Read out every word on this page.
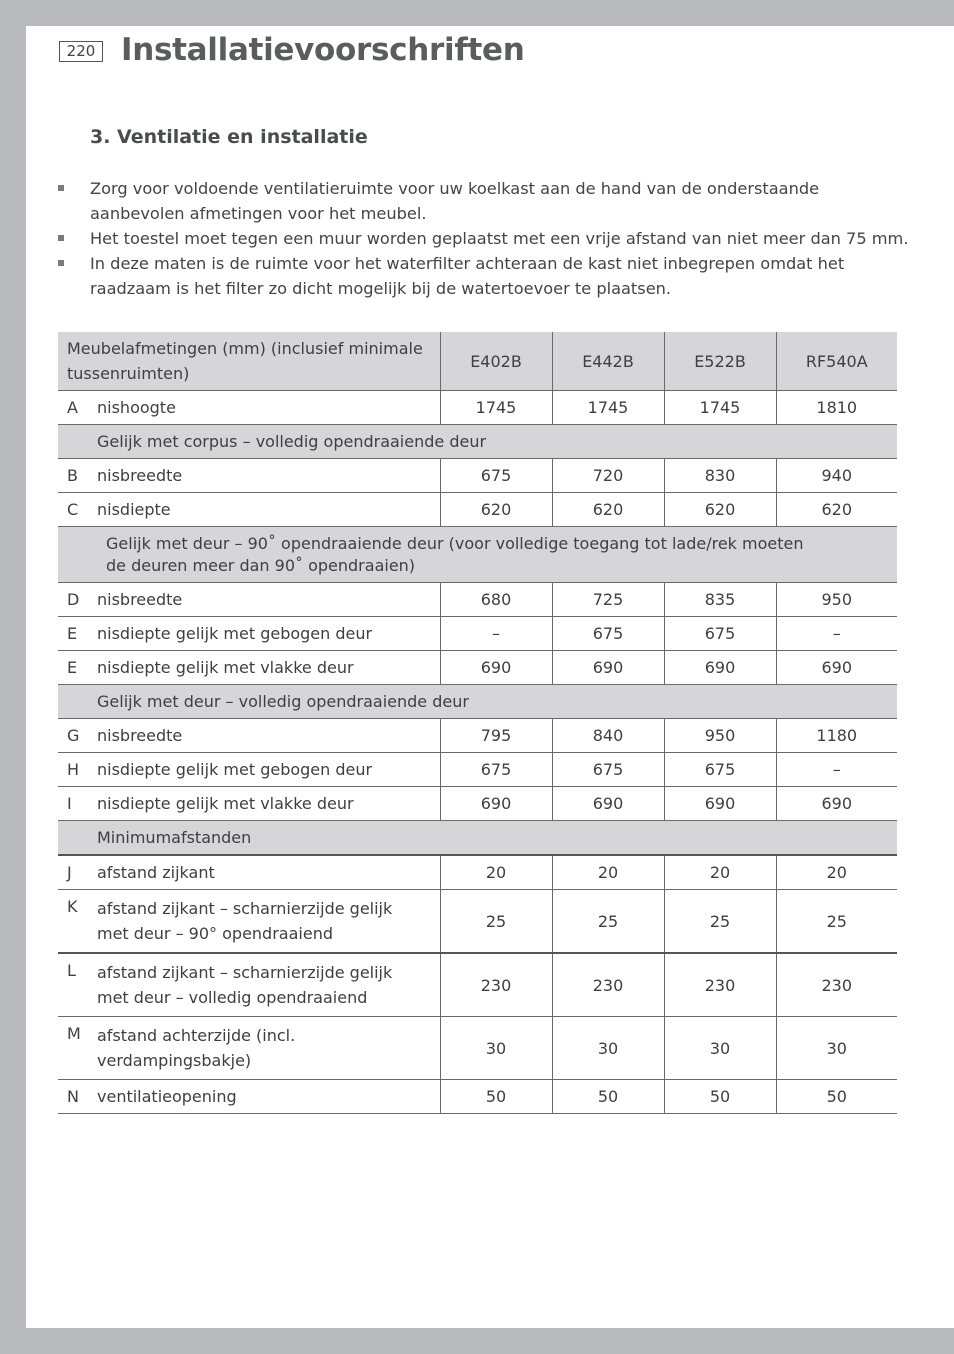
220 Installatievoorschriften
3. Ventilatie en installatie
Zorg voor voldoende ventilatieruimte voor uw koelkast aan de hand van de onderstaande aanbevolen afmetingen voor het meubel.
Het toestel moet tegen een muur worden geplaatst met een vrije afstand van niet meer dan 75 mm.
In deze maten is de ruimte voor het waterfilter achteraan de kast niet inbegrepen omdat het raadzaam is het filter zo dicht mogelijk bij de watertoevoer te plaatsen.
Meubelafmetingen (mm) (inclusief minimale tussenruimten)		E402B	E442B	E522B	RF540A
A	nishoogte	1745	1745	1745	1810
	Gelijk met corpus – volledig opendraaiende deur				
B	nisbreedte	675	720	830	940
C	nisdiepte	620	620	620	620
	Gelijk met deur – 90˚ opendraaiende deur (voor volledige toegang tot lade/rek moeten de deuren meer dan 90˚ opendraaien)				
D	nisbreedte	680	725	835	950
E	nisdiepte gelijk met gebogen deur	–	675	675	–
E	nisdiepte gelijk met vlakke deur	690	690	690	690
	Gelijk met deur – volledig opendraaiende deur				
G	nisbreedte	795	840	950	1180
H	nisdiepte gelijk met gebogen deur	675	675	675	–
I	nisdiepte gelijk met vlakke deur	690	690	690	690
	Minimumafstanden				
J	afstand zijkant	20	20	20	20
K	afstand zijkant – scharnierzijde gelijk met deur – 90° opendraaiend	25	25	25	25
L	afstand zijkant – scharnierzijde gelijk met deur – volledig opendraaiend	230	230	230	230
M	afstand achterzijde (incl. verdampingsbakje)	30	30	30	30
N	ventilatieopening	50	50	50	50
